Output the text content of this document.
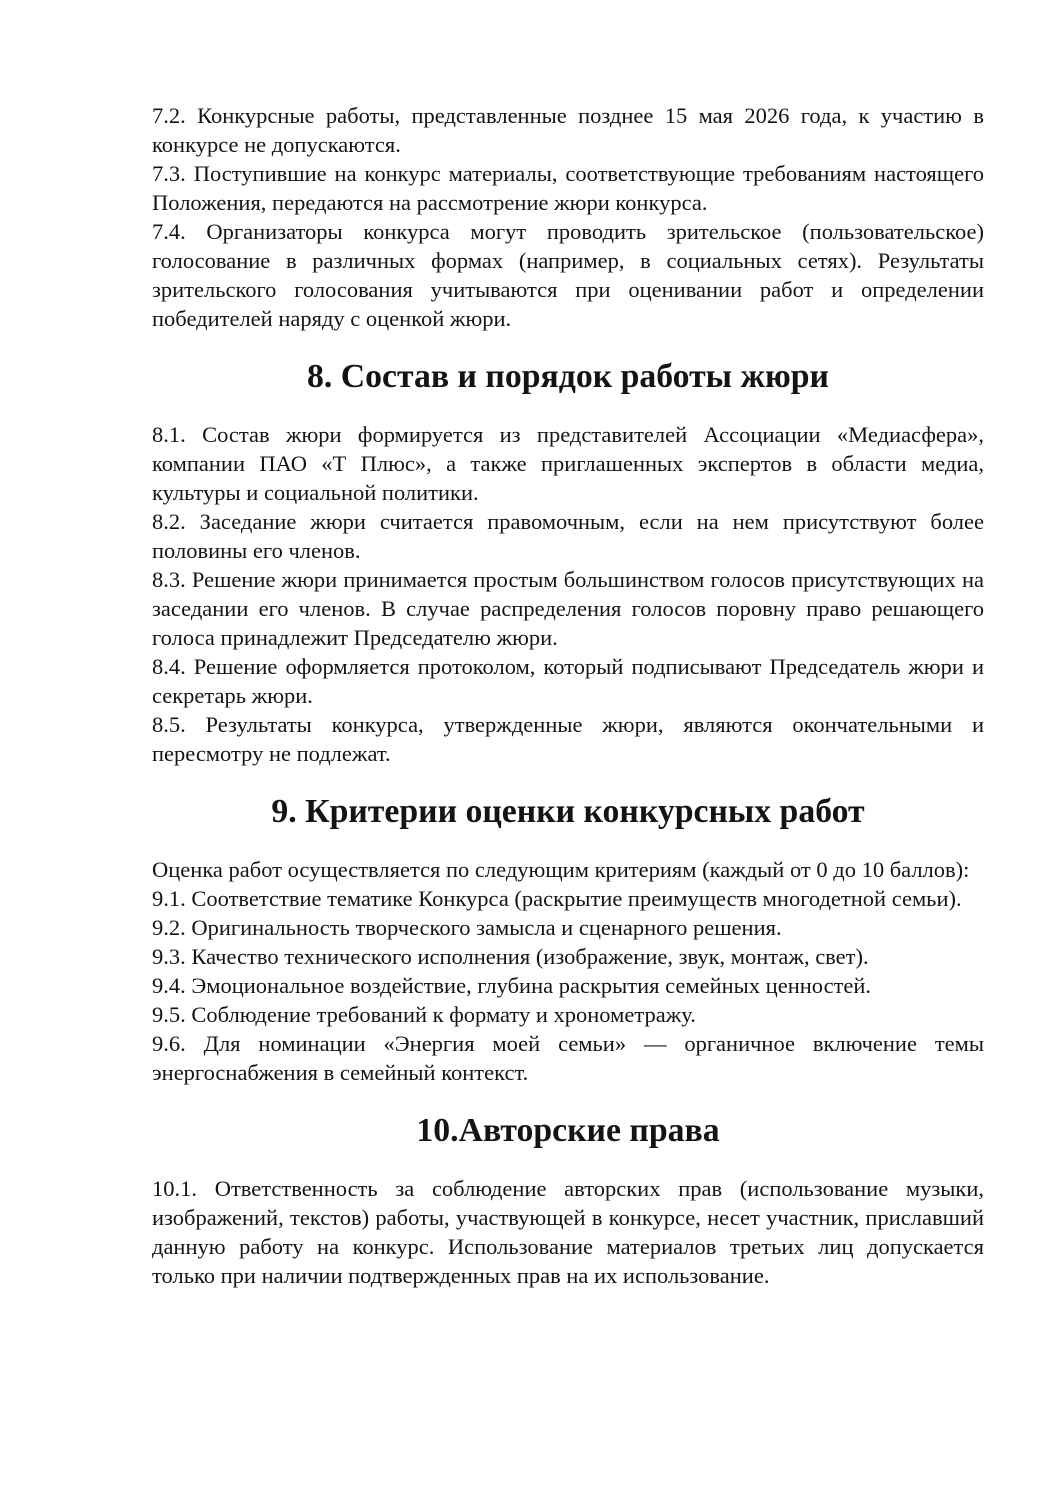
7.2. Конкурсные работы, представленные позднее 15 мая 2026 года, к участию в конкурсе не допускаются.

7.3. Поступившие на конкурс материалы, соответствующие требованиям настоящего Положения, передаются на рассмотрение жюри конкурса.

7.4. Организаторы конкурса могут проводить зрительское (пользовательское) голосование в различных формах (например, в социальных сетях). Результаты зрительского голосования учитываются при оценивании работ и определении победителей наряду с оценкой жюри.

8. Состав и порядок работы жюри

8.1. Состав жюри формируется из представителей Ассоциации «Медиасфера», компании ПАО «Т Плюс», а также приглашенных экспертов в области медиа, культуры и социальной политики.

8.2. Заседание жюри считается правомочным, если на нем присутствуют более половины его членов.

8.3. Решение жюри принимается простым большинством голосов присутствующих на заседании его членов. В случае распределения голосов поровну право решающего голоса принадлежит Председателю жюри.

8.4. Решение оформляется протоколом, который подписывают Председатель жюри и секретарь жюри.

8.5. Результаты конкурса, утвержденные жюри, являются окончательными и пересмотру не подлежат.

9. Критерии оценки конкурсных работ

Оценка работ осуществляется по следующим критериям (каждый от 0 до 10 баллов):

9.1. Соответствие тематике Конкурса (раскрытие преимуществ многодетной семьи).

9.2. Оригинальность творческого замысла и сценарного решения.

9.3. Качество технического исполнения (изображение, звук, монтаж, свет).

9.4. Эмоциональное воздействие, глубина раскрытия семейных ценностей.

9.5. Соблюдение требований к формату и хронометражу.

9.6. Для номинации «Энергия моей семьи» — органичное включение темы энергоснабжения в семейный контекст.

10.Авторские права

10.1. Ответственность за соблюдение авторских прав (использование музыки, изображений, текстов) работы, участвующей в конкурсе, несет участник, приславший данную работу на конкурс. Использование материалов третьих лиц допускается только при наличии подтвержденных прав на их использование.
